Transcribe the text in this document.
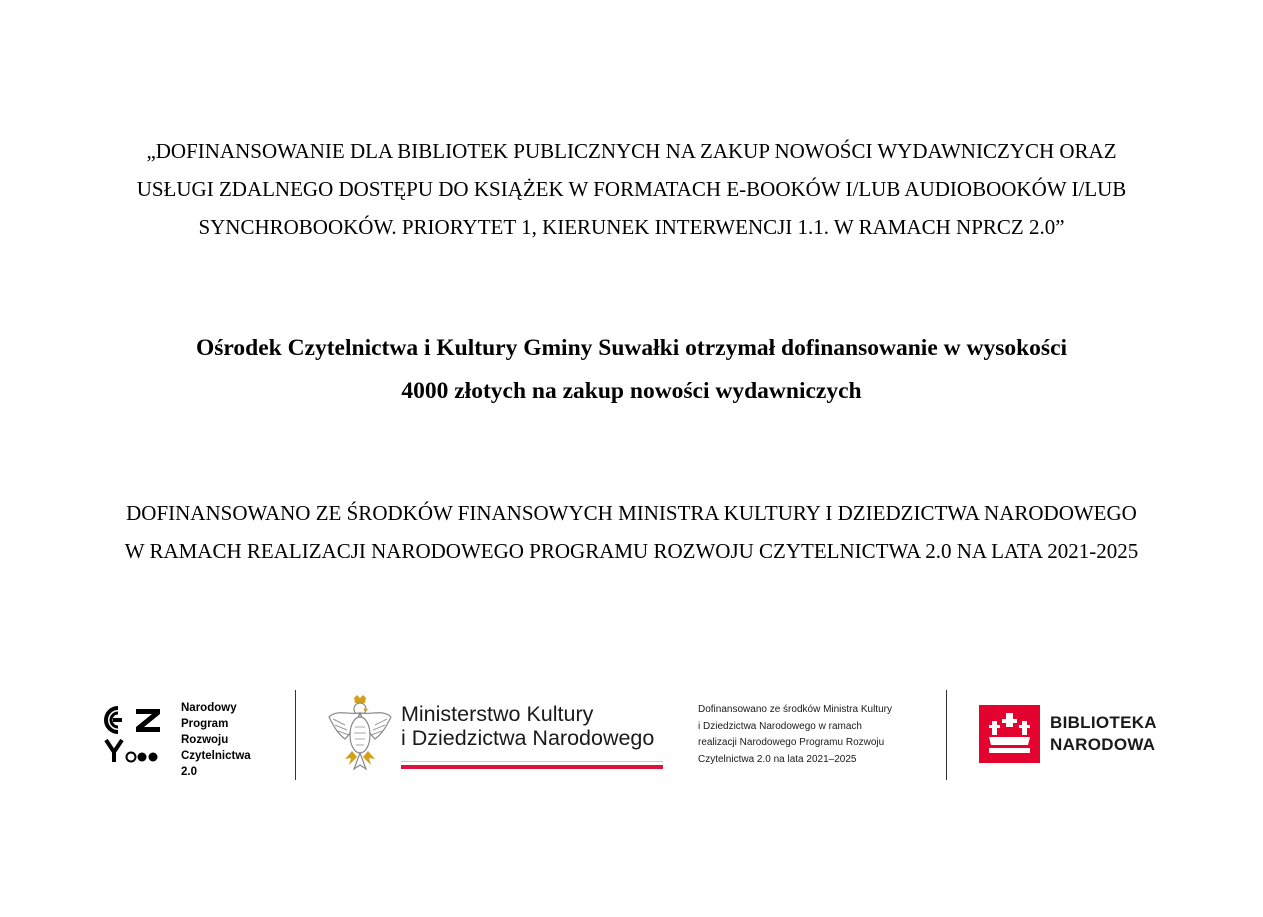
„DOFINANSOWANIE DLA BIBLIOTEK PUBLICZNYCH NA ZAKUP NOWOŚCI WYDAWNICZYCH ORAZ
USŁUGI ZDALNEGO DOSTĘPU DO KSIĄŻEK W FORMATACH E-BOOKÓW I/LUB AUDIOBOOKÓW I/LUB
SYNCHROBOOKÓW. PRIORYTET 1, KIERUNEK INTERWENCJI 1.1. W RAMACH NPRCZ 2.0”
Ośrodek Czytelnictwa i Kultury Gminy Suwałki otrzymał dofinansowanie w wysokości
4000 złotych na zakup nowości wydawniczych
DOFINANSOWANO ZE ŚRODKÓW FINANSOWYCH MINISTRA KULTURY I DZIEDZICTWA NARODOWEGO
W RAMACH REALIZACJI NARODOWEGO PROGRAMU ROZWOJU CZYTELNICTWA 2.0 NA LATA 2021-2025
Narodowy
Program
Rozwoju
Czytelnictwa
2.0
Ministerstwo Kultury
i Dziedzictwa Narodowego
Dofinansowano ze środków Ministra Kultury
i Dziedzictwa Narodowego w ramach
realizacji Narodowego Programu Rozwoju
Czytelnictwa 2.0 na lata 2021–2025
BIBLIOTEKA
NARODOWA
